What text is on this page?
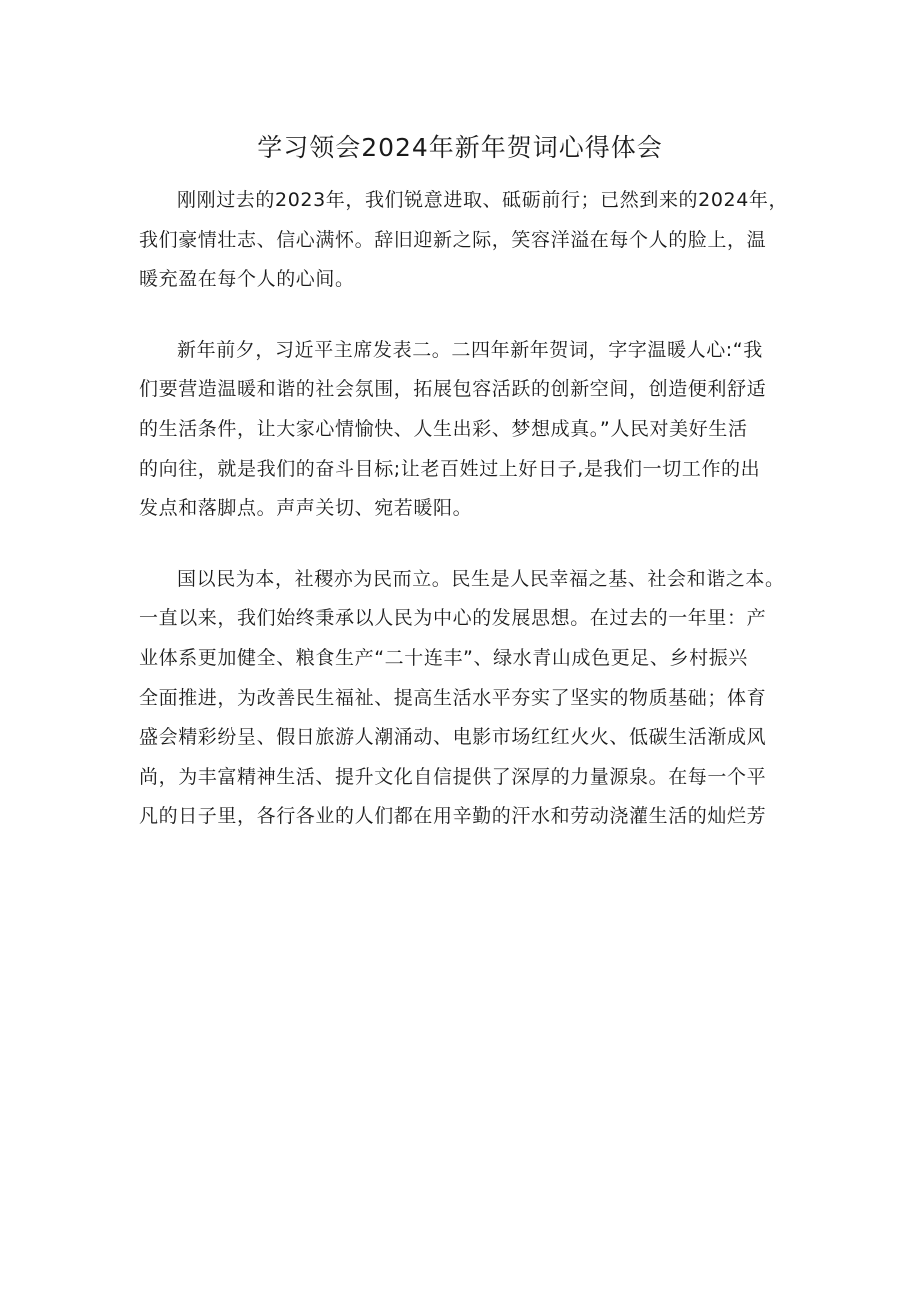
学习领会2024年新年贺词心得体会

刚刚过去的2023年，我们锐意进取、砥砺前行；已然到来的2024年，
我们豪情壮志、信心满怀。辞旧迎新之际，笑容洋溢在每个人的脸上，温
暖充盈在每个人的心间。

新年前夕，习近平主席发表二。二四年新年贺词，字字温暖人心:“我
们要营造温暖和谐的社会氛围，拓展包容活跃的创新空间，创造便利舒适
的生活条件，让大家心情愉快、人生出彩、梦想成真。”人民对美好生活
的向往，就是我们的奋斗目标;让老百姓过上好日子,是我们一切工作的出
发点和落脚点。声声关切、宛若暖阳。

国以民为本，社稷亦为民而立。民生是人民幸福之基、社会和谐之本。
一直以来，我们始终秉承以人民为中心的发展思想。在过去的一年里：产
业体系更加健全、粮食生产“二十连丰”、绿水青山成色更足、乡村振兴
全面推进，为改善民生福祉、提高生活水平夯实了坚实的物质基础；体育
盛会精彩纷呈、假日旅游人潮涌动、电影市场红红火火、低碳生活渐成风
尚，为丰富精神生活、提升文化自信提供了深厚的力量源泉。在每一个平
凡的日子里，各行各业的人们都在用辛勤的汗水和劳动浇灌生活的灿烂芳
